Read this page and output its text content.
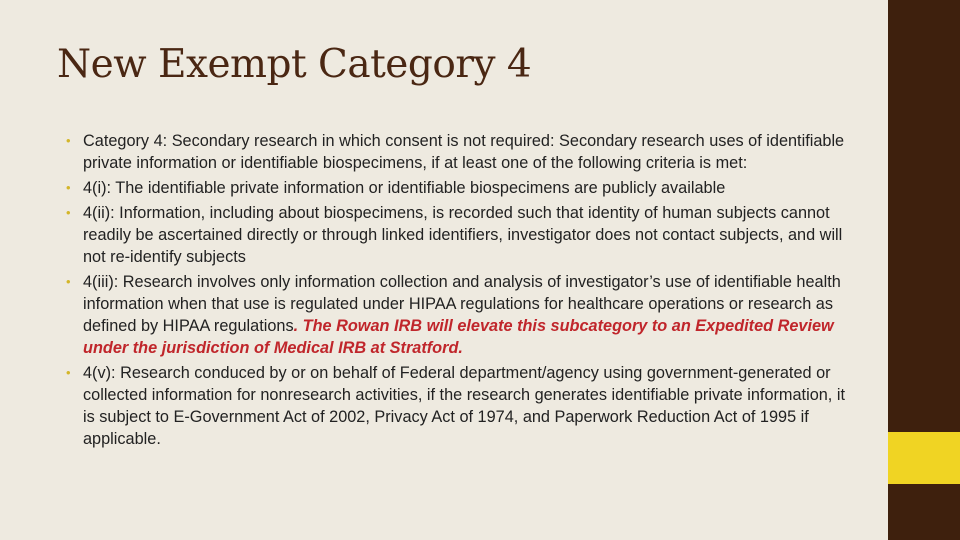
New Exempt Category 4
• Category 4: Secondary research in which consent is not required: Secondary research uses of identifiable private information or identifiable biospecimens, if at least one of the following criteria is met:
• 4(i): The identifiable private information or identifiable biospecimens are publicly available
• 4(ii): Information, including about biospecimens, is recorded such that identity of human subjects cannot readily be ascertained directly or through linked identifiers, investigator does not contact subjects, and will not re-identify subjects
• 4(iii): Research involves only information collection and analysis of investigator’s use of identifiable health information when that use is regulated under HIPAA regulations for healthcare operations or research as defined by HIPAA regulations. The Rowan IRB will elevate this subcategory to an Expedited Review under the jurisdiction of Medical IRB at Stratford.
• 4(v): Research conduced by or on behalf of Federal department/agency using government-generated or collected information for nonresearch activities, if the research generates identifiable private information, it is subject to E-Government Act of 2002, Privacy Act of 1974, and Paperwork Reduction Act of 1995 if applicable.
